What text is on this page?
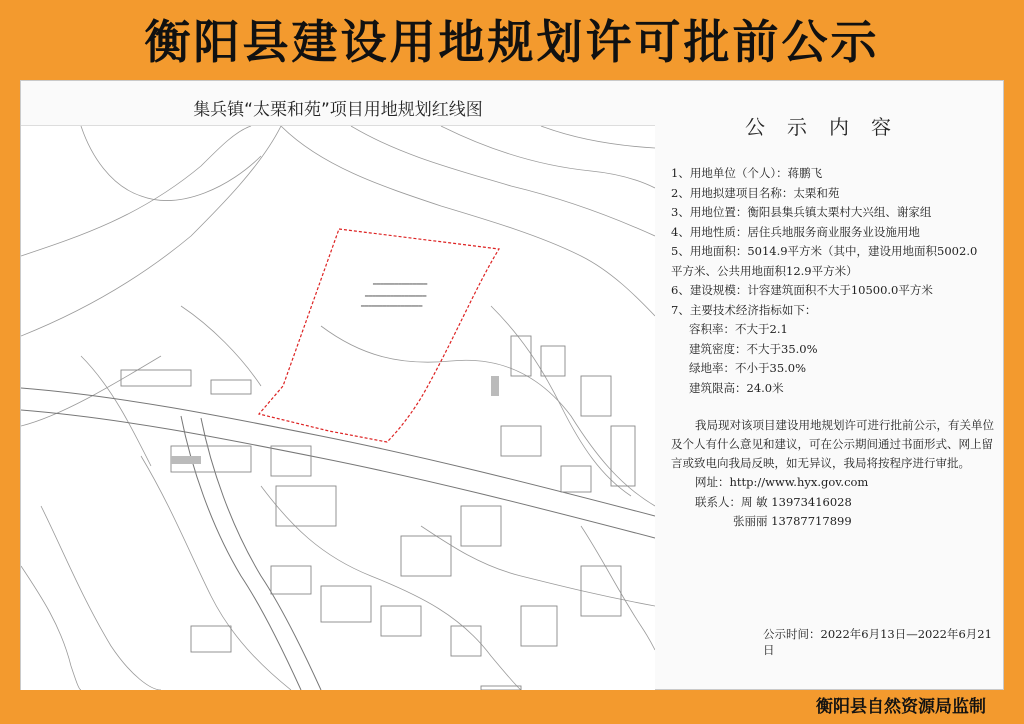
衡阳县建设用地规划许可批前公示
集兵镇“太栗和苑”项目用地规划红线图
━━━━━━━━━━━━━━━
━━━━━━━━━━━━━━━━━
━━━━━━━━━━━━━━━━━
公示内容
1、用地单位（个人）：蒋鹏飞
2、用地拟建项目名称：太栗和苑
3、用地位置：衡阳县集兵镇太栗村大兴组、谢家组
4、用地性质：居住兵地服务商业服务业设施用地
5、用地面积：5014.9平方米（其中，建设用地面积5002.0
平方米、公共用地面积12.9平方米）
6、建设规模：计容建筑面积不大于10500.0平方米
7、主要技术经济指标如下：
容积率：不大于2.1
建筑密度：不大于35.0%
绿地率：不小于35.0%
建筑限高：24.0米
我局现对该项目建设用地规划许可进行批前公示，有关单位及个人有什么意见和建议，可在公示期间通过书面形式、网上留言或致电向我局反映，如无异议，我局将按程序进行审批。
网址：http://www.hyx.gov.com
联系人：周 敏 13973416028
张丽丽 13787717899
公示时间：2022年6月13日—2022年6月21日
衡阳县自然资源局监制
